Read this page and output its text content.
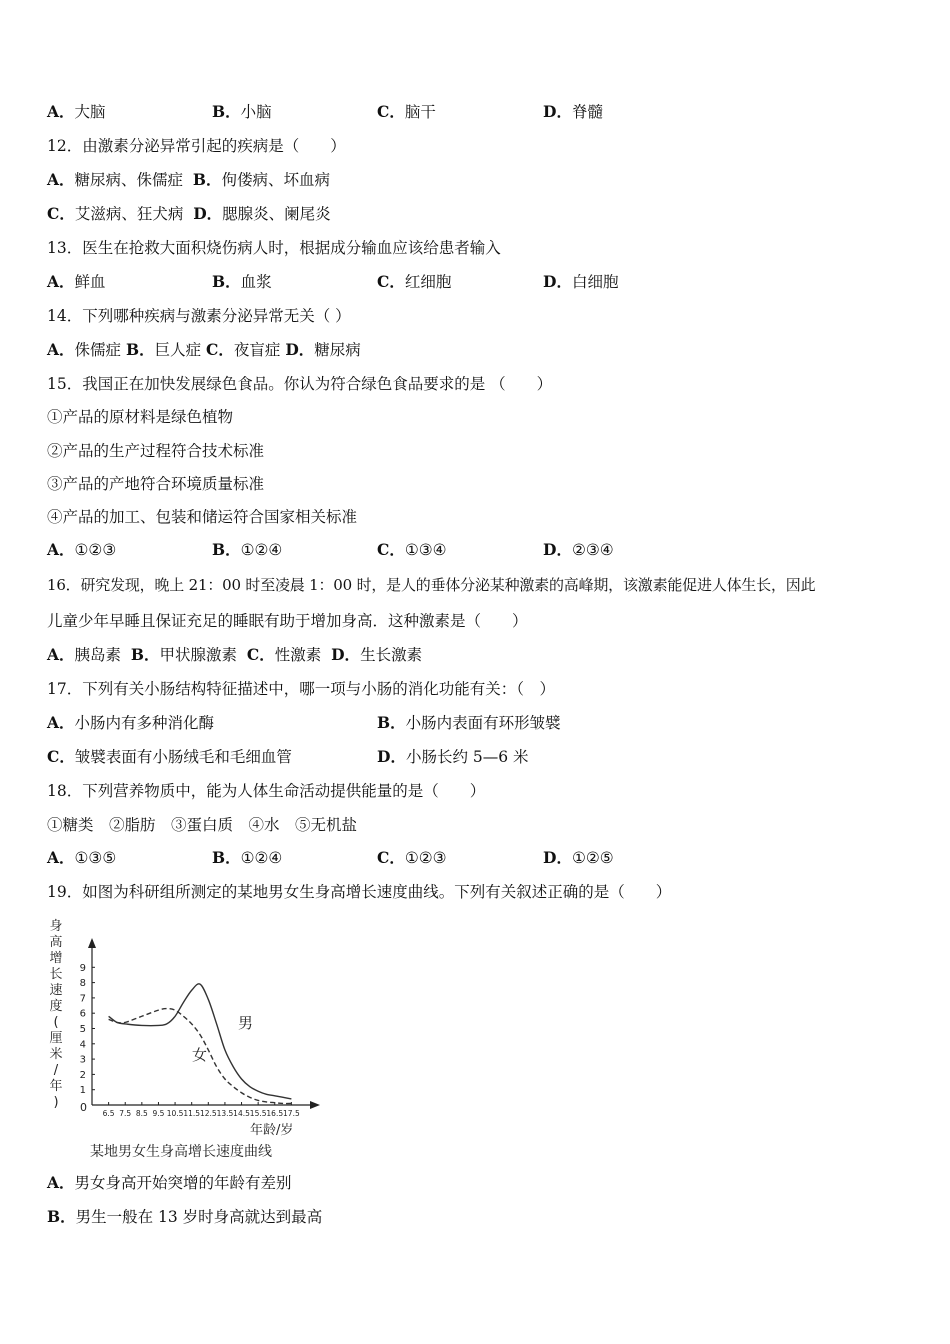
A．大脑	B．小脑	C．脑干	D．脊髓
12．由激素分泌异常引起的疾病是（　　）
A．糖尿病、侏儒症 B．佝偻病、坏血病
C．艾滋病、狂犬病 D．腮腺炎、阑尾炎
13．医生在抢救大面积烧伤病人时，根据成分输血应该给患者输入
A．鲜血	B．血浆	C．红细胞	D．白细胞
14．下列哪种疾病与激素分泌异常无关（ ）
A．侏儒症 B．巨人症 C．夜盲症 D．糖尿病
15．我国正在加快发展绿色食品。你认为符合绿色食品要求的是 （　　）
①产品的原材料是绿色植物
②产品的生产过程符合技术标准
③产品的产地符合环境质量标准
④产品的加工、包装和储运符合国家相关标准
A．①②③	B．①②④	C．①③④	D．②③④
16．研究发现，晚上 21：00 时至凌晨 1：00 时，是人的垂体分泌某种激素的高峰期，该激素能促进人体生长，因此
儿童少年早睡且保证充足的睡眠有助于增加身高．这种激素是（　　）
A．胰岛素 B．甲状腺激素 C．性激素 D．生长激素
17．下列有关小肠结构特征描述中，哪一项与小肠的消化功能有关：（　）
A．小肠内有多种消化酶	B．小肠内表面有环形皱襞
C．皱襞表面有小肠绒毛和毛细血管	D．小肠长约 5—6 米
18．下列营养物质中，能为人体生命活动提供能量的是（　　）
①糖类　②脂肪　③蛋白质　④水　⑤无机盐
A．①③⑤	B．①②④	C．①②③	D．①②⑤
19．如图为科研组所测定的某地男女生身高增长速度曲线。下列有关叙述正确的是（　　）
身
高
增
长
速
度
(
厘
米
/
年
)
1
2
3
4
5
6
7
8
9
6.5 7.5 8.5 9.5 10.5 11.5 12.5 13.5 14.5 15.5 16.5 17.5
0
年龄/岁
男
女
某地男女生身高增长速度曲线
A．男女身高开始突增的年龄有差别
B．男生一般在 13 岁时身高就达到最高
